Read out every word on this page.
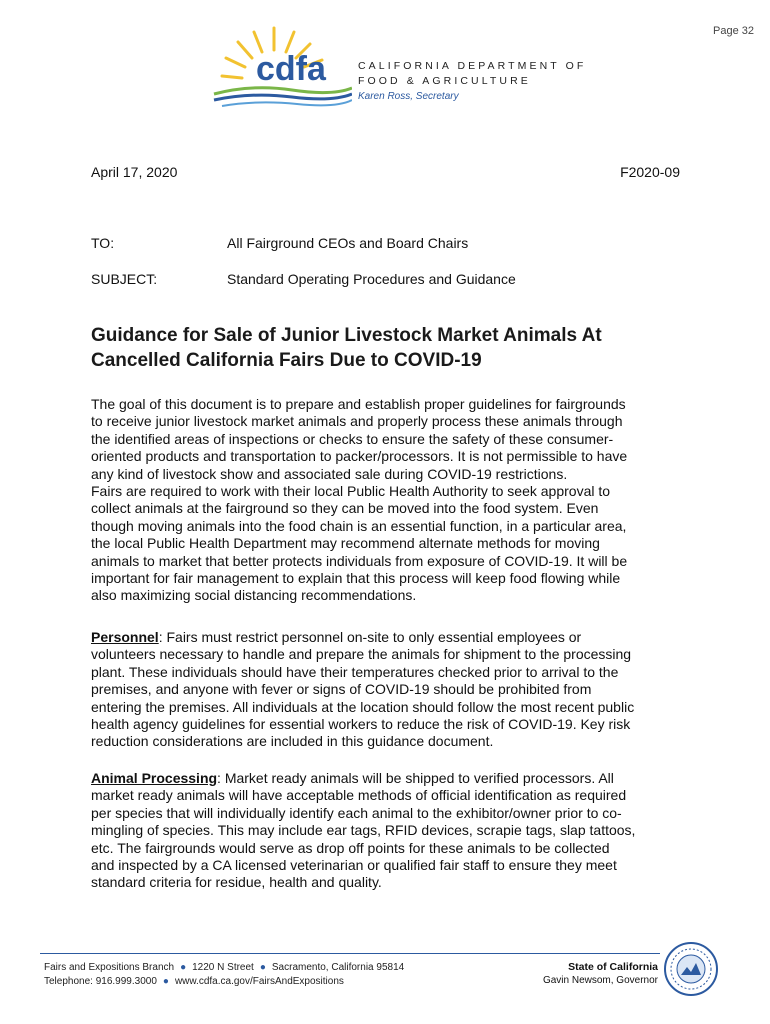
Page 32
cdfa	CALIFORNIA DEPARTMENT OF
FOOD & AGRICULTURE
Karen Ross, Secretary
April 17, 2020	F2020-09
TO:	All Fairground CEOs and Board Chairs
SUBJECT:	Standard Operating Procedures and Guidance
Guidance for Sale of Junior Livestock Market Animals At
Cancelled California Fairs Due to COVID-19

The goal of this document is to prepare and establish proper guidelines for fairgrounds

to receive junior livestock market animals and properly process these animals through

the identified areas of inspections or checks to ensure the safety of these consumer-

oriented products and transportation to packer/processors. It is not permissible to have

any kind of livestock show and associated sale during COVID-19 restrictions.

Fairs are required to work with their local Public Health Authority to seek approval to

collect animals at the fairground so they can be moved into the food system. Even

though moving animals into the food chain is an essential function, in a particular area,

the local Public Health Department may recommend alternate methods for moving

animals to market that better protects individuals from exposure of COVID-19. It will be

important for fair management to explain that this process will keep food flowing while

also maximizing social distancing recommendations.

Personnel: Fairs must restrict personnel on-site to only essential employees or

volunteers necessary to handle and prepare the animals for shipment to the processing

plant. These individuals should have their temperatures checked prior to arrival to the

premises, and anyone with fever or signs of COVID-19 should be prohibited from

entering the premises. All individuals at the location should follow the most recent public

health agency guidelines for essential workers to reduce the risk of COVID-19. Key risk

reduction considerations are included in this guidance document.

Animal Processing: Market ready animals will be shipped to verified processors. All

market ready animals will have acceptable methods of official identification as required

per species that will individually identify each animal to the exhibitor/owner prior to co-

mingling of species. This may include ear tags, RFID devices, scrapie tags, slap tattoos,

etc. The fairgrounds would serve as drop off points for these animals to be collected

and inspected by a CA licensed veterinarian or qualified fair staff to ensure they meet

standard criteria for residue, health and quality.

Fairs and Expositions Branch ● 1220 N Street ● Sacramento, California 95814
Telephone: 916.999.3000 ● www.cdfa.ca.gov/FairsAndExpositions
State of California
Gavin Newsom, Governor
